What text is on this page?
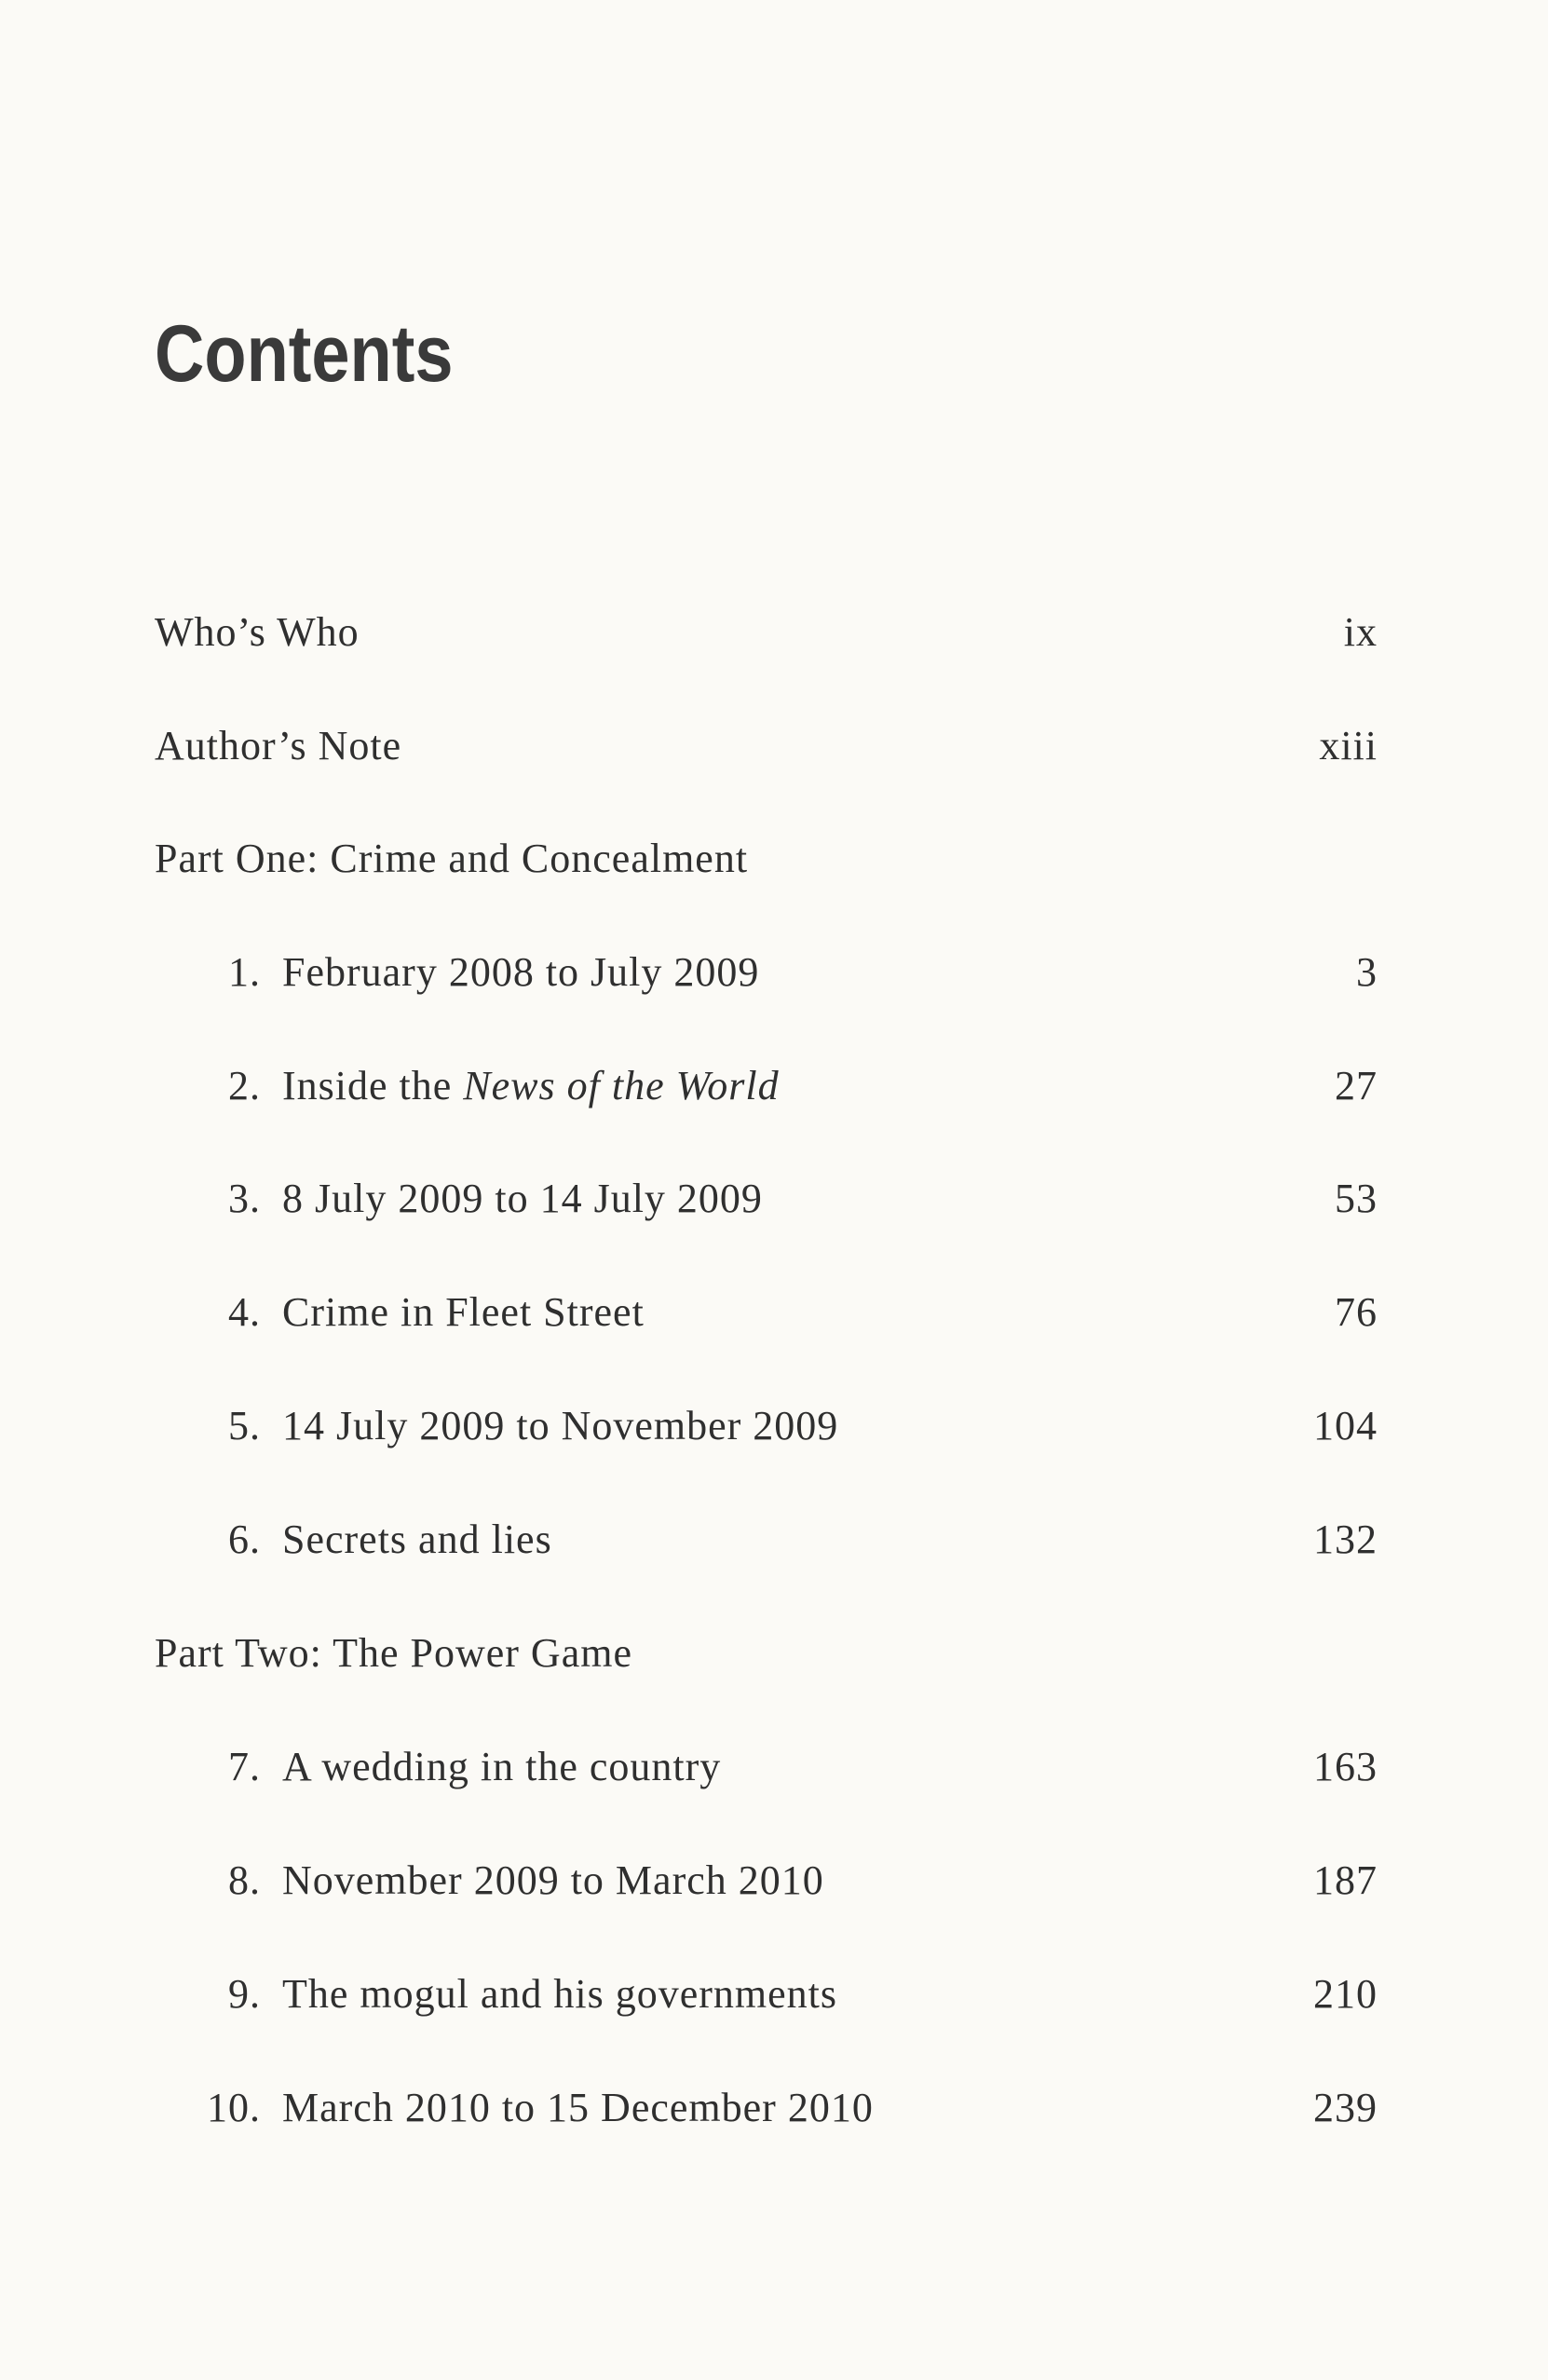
Contents
Who’s Who	ix
Author’s Note	xiii
Part One: Crime and Concealment
1. February 2008 to July 2009	3
2. Inside the News of the World	27
3. 8 July 2009 to 14 July 2009	53
4. Crime in Fleet Street	76
5. 14 July 2009 to November 2009	104
6. Secrets and lies	132
Part Two: The Power Game
7. A wedding in the country	163
8. November 2009 to March 2010	187
9. The mogul and his governments	210
10. March 2010 to 15 December 2010	239
